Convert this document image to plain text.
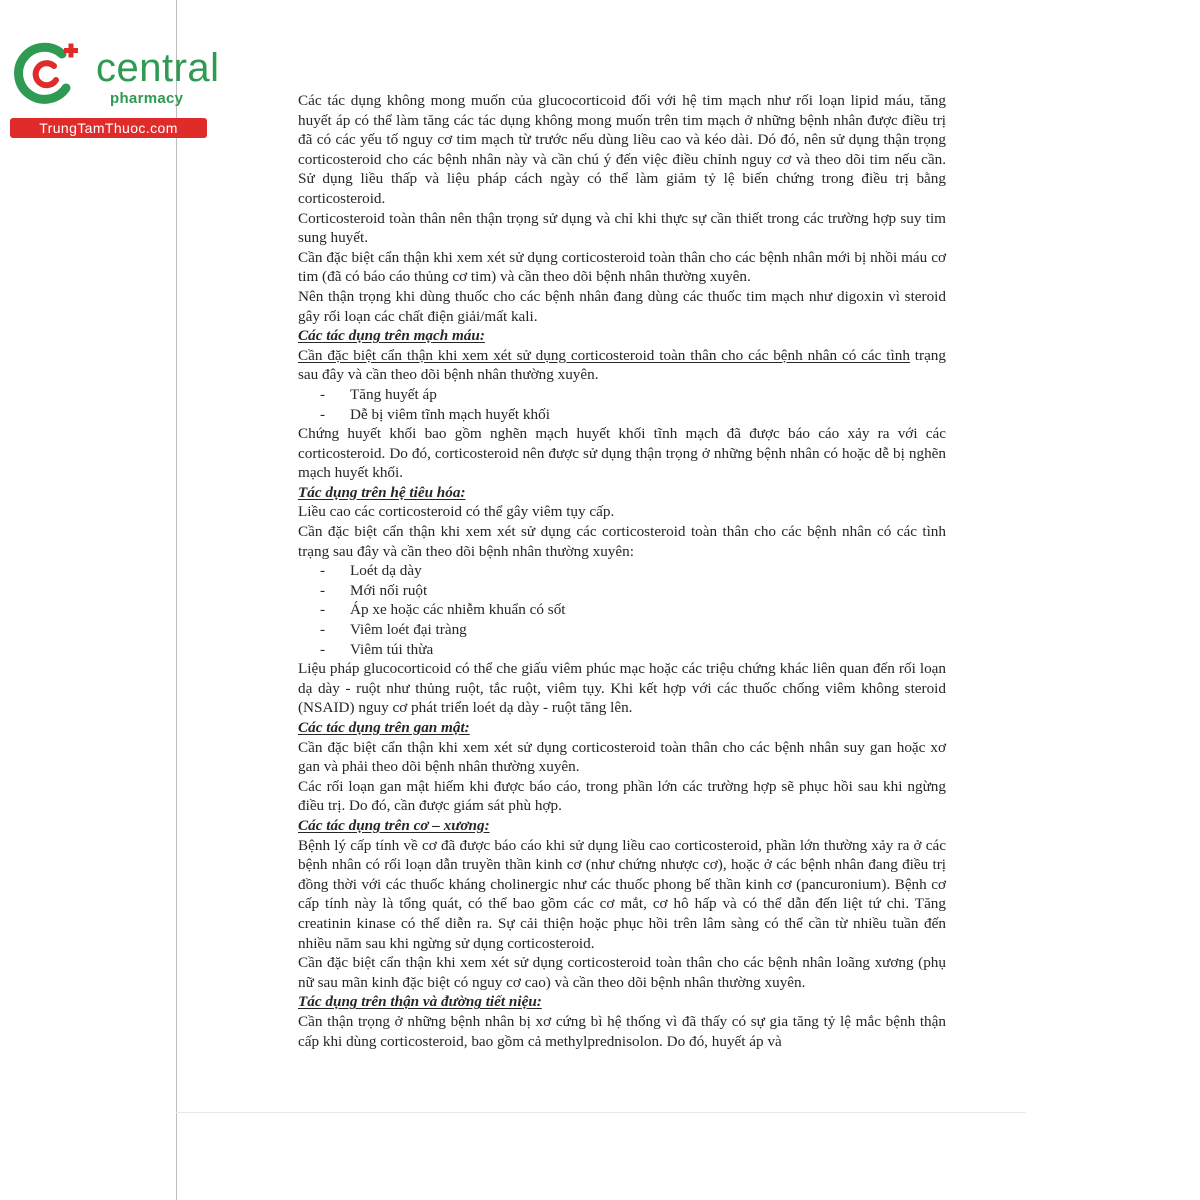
central
pharmacy
TrungTamThuoc.com

Các tác dụng không mong muốn của glucocorticoid đối với hệ tim mạch như rối loạn lipid máu, tăng huyết áp có thể làm tăng các tác dụng không mong muốn trên tim mạch ở những bệnh nhân được điều trị đã có các yếu tố nguy cơ tim mạch từ trước nếu dùng liều cao và kéo dài. Dó đó, nên sử dụng thận trọng corticosteroid cho các bệnh nhân này và cần chú ý đến việc điều chỉnh nguy cơ và theo dõi tim nếu cần. Sử dụng liều thấp và liệu pháp cách ngày có thể làm giảm tỷ lệ biến chứng trong điều trị bằng corticosteroid.

Corticosteroid toàn thân nên thận trọng sử dụng và chỉ khi thực sự cần thiết trong các trường hợp suy tim sung huyết.

Cần đặc biệt cẩn thận khi xem xét sử dụng corticosteroid toàn thân cho các bệnh nhân mới bị nhồi máu cơ tim (đã có báo cáo thủng cơ tim) và cần theo dõi bệnh nhân thường xuyên.

Nên thận trọng khi dùng thuốc cho các bệnh nhân đang dùng các thuốc tim mạch như digoxin vì steroid gây rối loạn các chất điện giải/mất kali.

Các tác dụng trên mạch máu:

Cần đặc biệt cẩn thận khi xem xét sử dụng corticosteroid toàn thân cho các bệnh nhân có các tình trạng sau đây và cần theo dõi bệnh nhân thường xuyên.

- Tăng huyết áp
- Dễ bị viêm tĩnh mạch huyết khối

Chứng huyết khối bao gồm nghẽn mạch huyết khối tĩnh mạch đã được báo cáo xảy ra với các corticosteroid. Do đó, corticosteroid nên được sử dụng thận trọng ở những bệnh nhân có hoặc dễ bị nghẽn mạch huyết khối.

Tác dụng trên hệ tiêu hóa:

Liều cao các corticosteroid có thể gây viêm tụy cấp.

Cần đặc biệt cẩn thận khi xem xét sử dụng các corticosteroid toàn thân cho các bệnh nhân có các tình trạng sau đây và cần theo dõi bệnh nhân thường xuyên:

- Loét dạ dày
- Mới nối ruột
- Áp xe hoặc các nhiễm khuẩn có sốt
- Viêm loét đại tràng
- Viêm túi thừa

Liệu pháp glucocorticoid có thể che giấu viêm phúc mạc hoặc các triệu chứng khác liên quan đến rối loạn dạ dày - ruột như thủng ruột, tắc ruột, viêm tụy. Khi kết hợp với các thuốc chống viêm không steroid (NSAID) nguy cơ phát triển loét dạ dày - ruột tăng lên.

Các tác dụng trên gan mật:

Cần đặc biệt cẩn thận khi xem xét sử dụng corticosteroid toàn thân cho các bệnh nhân suy gan hoặc xơ gan và phải theo dõi bệnh nhân thường xuyên.

Các rối loạn gan mật hiếm khi được báo cáo, trong phần lớn các trường hợp sẽ phục hồi sau khi ngừng điều trị. Do đó, cần được giám sát phù hợp.

Các tác dụng trên cơ – xương:

Bệnh lý cấp tính về cơ đã được báo cáo khi sử dụng liều cao corticosteroid, phần lớn thường xảy ra ở các bệnh nhân có rối loạn dẫn truyền thần kinh cơ (như chứng nhược cơ), hoặc ở các bệnh nhân đang điều trị đồng thời với các thuốc kháng cholinergic như các thuốc phong bế thần kinh cơ (pancuronium). Bệnh cơ cấp tính này là tổng quát, có thể bao gồm các cơ mắt, cơ hô hấp và có thể dẫn đến liệt tứ chi. Tăng creatinin kinase có thể diễn ra. Sự cải thiện hoặc phục hồi trên lâm sàng có thể cần từ nhiều tuần đến nhiều năm sau khi ngừng sử dụng corticosteroid.

Cần đặc biệt cẩn thận khi xem xét sử dụng corticosteroid toàn thân cho các bệnh nhân loãng xương (phụ nữ sau mãn kinh đặc biệt có nguy cơ cao) và cần theo dõi bệnh nhân thường xuyên.

Tác dụng trên thận và đường tiết niệu:

Cần thận trọng ở những bệnh nhân bị xơ cứng bì hệ thống vì đã thấy có sự gia tăng tỷ lệ mắc bệnh thận cấp khi dùng corticosteroid, bao gồm cả methylprednisolon. Do đó, huyết áp và
